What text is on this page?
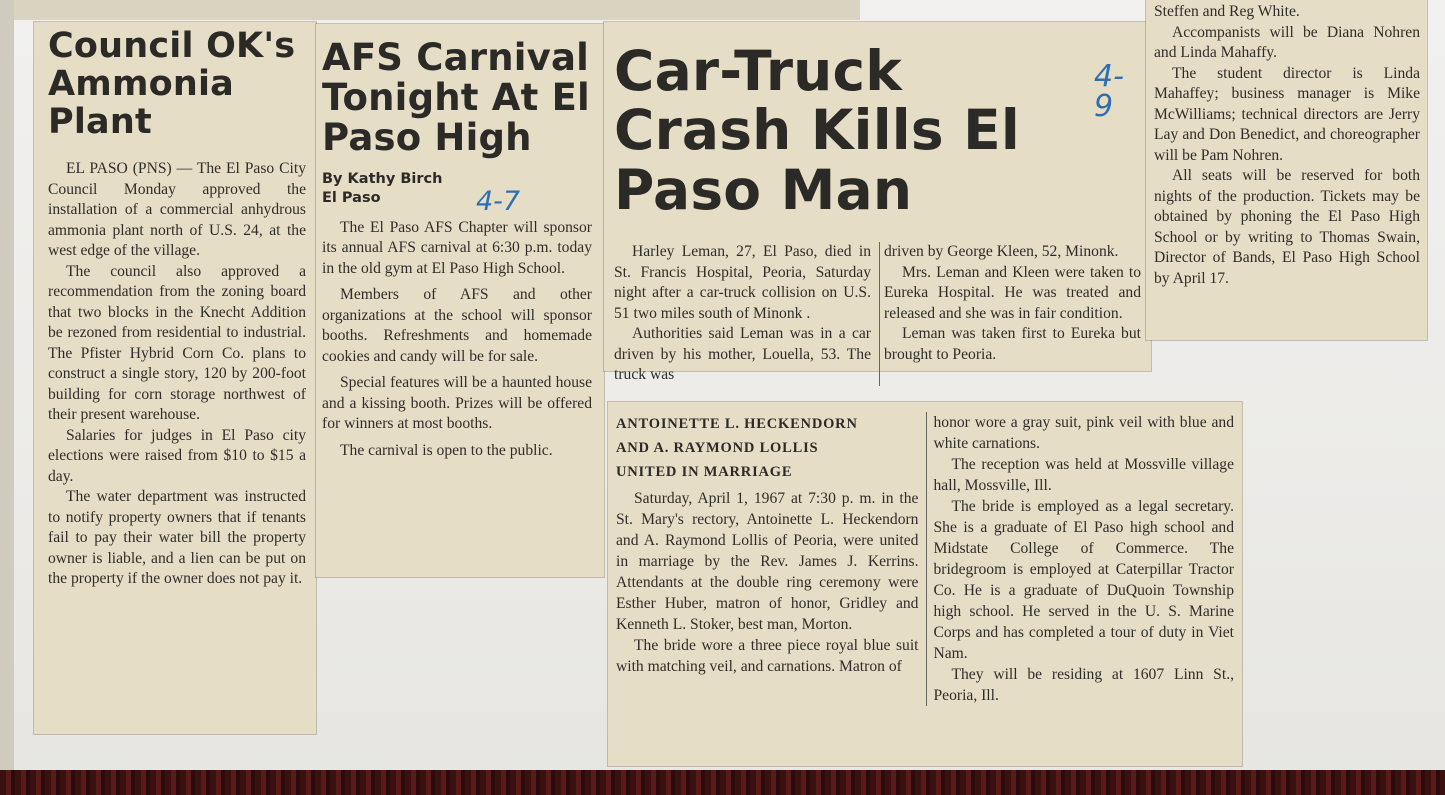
Council OK's Ammonia Plant

EL PASO (PNS) — The El Paso City Council Monday approved the installation of a commercial anhydrous ammonia plant north of U.S. 24, at the west edge of the village.

The council also approved a recommendation from the zoning board that two blocks in the Knecht Addition be rezoned from residential to industrial. The Pfister Hybrid Corn Co. plans to construct a single story, 120 by 200-foot building for corn storage northwest of their present warehouse.

Salaries for judges in El Paso city elections were raised from $10 to $15 a day.

The water department was instructed to notify property owners that if tenants fail to pay their water bill the property owner is liable, and a lien can be put on the property if the owner does not pay it.

AFS Carnival Tonight At El Paso High
By Kathy Birch
El Paso	4-7

The El Paso AFS Chapter will sponsor its annual AFS carnival at 6:30 p.m. today in the old gym at El Paso High School.

Members of AFS and other organizations at the school will sponsor booths. Refreshments and homemade cookies and candy will be for sale.

Special features will be a haunted house and a kissing booth. Prizes will be offered for winners at most booths.

The carnival is open to the public.

Car-Truck Crash Kills El Paso Man
4-9

Harley Leman, 27, El Paso, died in St. Francis Hospital, Peoria, Saturday night after a car-truck collision on U.S. 51 two miles south of Minonk .

Authorities said Leman was in a car driven by his mother, Louella, 53. The truck was

driven by George Kleen, 52, Minonk.

Mrs. Leman and Kleen were taken to Eureka Hospital. He was treated and released and she was in fair condition.

Leman was taken first to Eureka but brought to Peoria.

Steffen and Reg White.

Accompanists will be Diana Nohren and Linda Mahaffy.

The student director is Linda Mahaffey; business manager is Mike McWilliams; technical directors are Jerry Lay and Don Benedict, and choreographer will be Pam Nohren.

All seats will be reserved for both nights of the production. Tickets may be obtained by phoning the El Paso High School or by writing to Thomas Swain, Director of Bands, El Paso High School by April 17.

ANTOINETTE L. HECKENDORN
AND A. RAYMOND LOLLIS
UNITED IN MARRIAGE

Saturday, April 1, 1967 at 7:30 p. m. in the St. Mary's rectory, Antoinette L. Heckendorn and A. Raymond Lollis of Peoria, were united in marriage by the Rev. James J. Kerrins. Attendants at the double ring ceremony were Esther Huber, matron of honor, Gridley and Kenneth L. Stoker, best man, Morton.

The bride wore a three piece royal blue suit with matching veil, and carnations. Matron of

honor wore a gray suit, pink veil with blue and white carnations.

The reception was held at Mossville village hall, Mossville, Ill.

The bride is employed as a legal secretary. She is a graduate of El Paso high school and Midstate College of Commerce. The bridegroom is employed at Caterpillar Tractor Co. He is a graduate of DuQuoin Township high school. He served in the U. S. Marine Corps and has completed a tour of duty in Viet Nam.

They will be residing at 1607 Linn St., Peoria, Ill.
